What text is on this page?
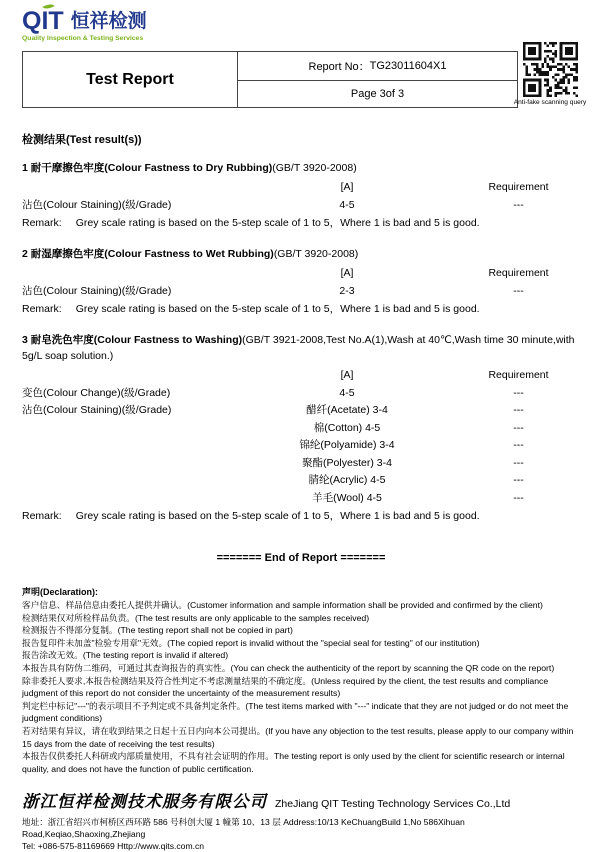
QIT 恒祥检测
Quality Inspection & Testing Services
Test Report
Report No： TG23011604X1
Page 3of 3
Anti-fake scanning query
检测结果(Test result(s))
1 耐干摩擦色牢度(Colour Fastness to Dry Rubbing)(GB/T 3920-2008)
[A]	Requirement
沾色(Colour Staining)(级/Grade)	4-5	---
Remark: Grey scale rating is based on the 5-step scale of 1 to 5，Where 1 is bad and 5 is good.
2 耐湿摩擦色牢度(Colour Fastness to Wet Rubbing)(GB/T 3920-2008)
[A]	Requirement
沾色(Colour Staining)(级/Grade)	2-3	---
Remark: Grey scale rating is based on the 5-step scale of 1 to 5，Where 1 is bad and 5 is good.
3 耐皂洗色牢度(Colour Fastness to Washing)(GB/T 3921-2008,Test No.A(1),Wash at 40℃,Wash time 30 minute,with 5g/L soap solution.)
[A]	Requirement
变色(Colour Change)(级/Grade)	4-5	---
沾色(Colour Staining)(级/Grade)	醋纤(Acetate) 3-4	---
棉(Cotton) 4-5	---
锦纶(Polyamide) 3-4	---
聚酯(Polyester) 3-4	---
腈纶(Acrylic) 4-5	---
羊毛(Wool) 4-5	---
Remark: Grey scale rating is based on the 5-step scale of 1 to 5，Where 1 is bad and 5 is good.
======= End of Report =======
声明(Declaration):

客户信息、样品信息由委托人提供并确认。(Customer information and sample information shall be provided and confirmed by the client)

检测结果仅对所检样品负责。(The test results are only applicable to the samples received)

检测报告不得部分复制。(The testing report shall not be copied in part)

报告复印件未加盖"检验专用章"无效。(The copied report is invalid without the "special seal for testing" of our institution)

报告涂改无效。(The testing report is invalid if altered)

本报告具有防伪二维码，可通过其查询报告的真实性。(You can check the authenticity of the report by scanning the QR code on the report)

除非委托人要求,本报告检测结果及符合性判定不考虑测量结果的不确定度。(Unless required by the client, the test results and compliance judgment of this report do not consider the uncertainty of the measurement results)

判定栏中标记"---"的表示项目不予判定或不具备判定条件。(The test items marked with "---" indicate that they are not judged or do not meet the judgment conditions)

若对结果有异议，请在收到结果之日起十五日内向本公司提出。(If you have any objection to the test results, please apply to our company within 15 days from the date of receiving the test results)

本报告仅供委托人科研或内部质量使用，不具有社会证明的作用。The testing report is only used by the client for scientific research or internal quality, and does not have the function of public certification.

浙江恒祥检测技术服务有限公司 ZheJiang QIT Testing Technology Services Co.,Ltd
地址：浙江省绍兴市柯桥区西环路 586 号科创大厦 1 幢第 10、13 层 Address:10/13 KeChuangBuild 1,No 586Xihuan Road,Keqiao,Shaoxing,Zhejiang
Tel: +086-575-81169669 Http://www.qits.com.cn
